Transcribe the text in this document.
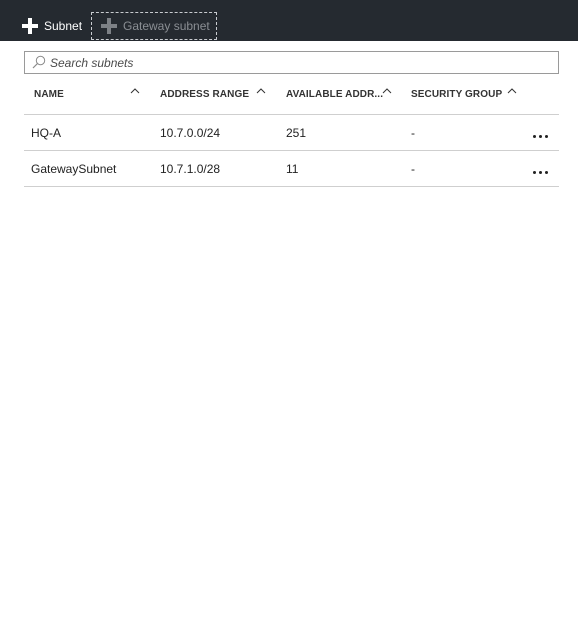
Subnet	Gateway subnet
Search subnets
NAME	ADDRESS RANGE	AVAILABLE ADDR...	SECURITY GROUP
HQ-A	10.7.0.0/24	251	-
GatewaySubnet	10.7.1.0/28	11	-
